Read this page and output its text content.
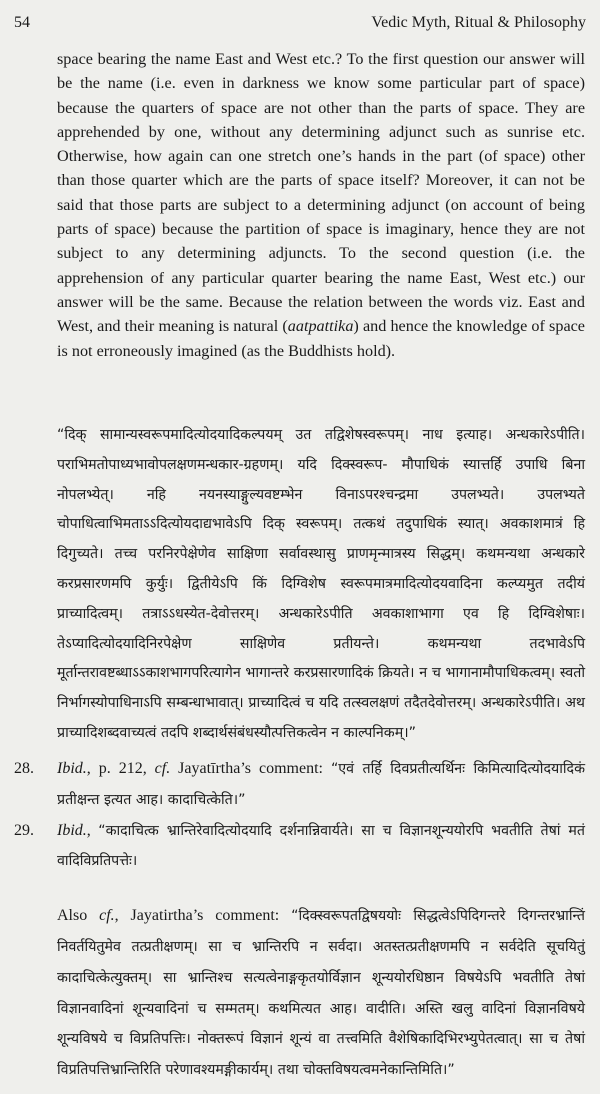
54	Vedic Myth, Ritual & Philosophy

space bearing the name East and West etc.? To the first question our answer will be the name (i.e. even in darkness we know some particular part of space) because the quarters of space are not other than the parts of space. They are apprehended by one, without any determining adjunct such as sunrise etc. Otherwise, how again can one stretch one’s hands in the part (of space) other than those quarter which are the parts of space itself? Moreover, it can not be said that those parts are subject to a determining adjunct (on account of being parts of space) because the partition of space is imaginary, hence they are not subject to any determining adjuncts. To the second question (i.e. the apprehension of any particular quarter bearing the name East, West etc.) our answer will be the same. Because the relation between the words viz. East and West, and their meaning is natural (aatpattika) and hence the knowledge of space is not erroneously imagined (as the Buddhists hold).

“दिक् सामान्यस्वरूपमादित्योदयादिकल्पयम् उत तद्विशेषस्वरूपम्। नाध इत्याह। अन्धकारेऽपीति। पराभिमतोपाध्यभावोपलक्षणमन्धकार-ग्रहणम्। यदि दिक्स्वरूप- मौपाधिकं स्यात्तर्हि उपाधि बिना नोपलभ्येत्। नहि नयनस्याङ्गुल्यवष्टम्भेन विनाऽपरश्चन्द्रमा उपलभ्यते। उपलभ्यते चोपाधित्वाभिमताऽऽदित्योयदाद्यभावेऽपि दिक् स्वरूपम्। तत्कथं तदुपाधिकं स्यात्। अवकाशमात्रं हि दिगुच्यते। तच्च परनिरपेक्षेणेव साक्षिणा सर्वावस्थासु प्राणमृन्मात्रस्य सिद्धम्। कथमन्यथा अन्धकारे करप्रसारणमपि कुर्युः। द्वितीयेऽपि किं दिग्विशेष स्वरूपमात्रमादित्योदयवादिना कल्प्यमुत तदीयं प्राच्यादित्वम्। तत्राऽऽधस्येत-देवोत्तरम्। अन्धकारेऽपीति अवकाशाभागा एव हि दिग्विशेषाः। तेऽप्यादित्योदयादिनिरपेक्षेण साक्षिणेव प्रतीयन्ते। कथमन्यथा तदभावेऽपि मूर्तान्तरावष्टब्धाऽऽकाशभागपरित्यागेन भागान्तरे करप्रसारणादिकं क्रियते। न च भागानामौपाधिकत्वम्। स्वतो निर्भागस्योपाधिनाऽपि सम्बन्धाभावात्। प्राच्यादित्वं च यदि तत्स्वलक्षणं तदैतदेवोत्तरम्। अन्धकारेऽपीति। अथ प्राच्यादिशब्दवाच्यत्वं तदपि शब्दार्थसंबंधस्यौत्पत्तिकत्वेन न काल्पनिकम्।”
28. Ibid., p. 212, cf. Jayatīrtha’s comment: “एवं तर्हि दिवप्रतीत्यर्थिनः किमित्यादित्योदयादिकं प्रतीक्षन्त इत्यत आह। कादाचित्केति।”
29. Ibid., “कादाचित्क भ्रान्तिरेवादित्योदयादि दर्शनान्निवार्यते। सा च विज्ञानशून्ययोरपि भवतीति तेषां मतं वादिविप्रतिपत्तेः।
Also cf., Jayatirtha’s comment: “दिक्स्वरूपतद्विषययोः सिद्धत्वेऽपिदिगन्तरे दिगन्तरभ्रान्तिं निवर्तयितुमेव तत्प्रतीक्षणम्। सा च भ्रान्तिरपि न सर्वदा। अतस्तत्प्रतीक्षणमपि न सर्वदेति सूचयितुं कादाचित्केत्युक्तम्। सा भ्रान्तिश्च सत्यत्वेनाङ्गकृतयोर्विज्ञान शून्ययोरधिष्ठान विषयेऽपि भवतीति तेषां विज्ञानवादिनां शून्यवादिनां च सम्मतम्। कथमित्यत आह। वादीति। अस्ति खलु वादिनां विज्ञानविषये शून्यविषये च विप्रतिपत्तिः। नोक्तरूपं विज्ञानं शून्यं वा तत्त्वमिति वैशेषिकादिभिरभ्युपेतत्वात्। सा च तेषां विप्रतिपत्तिभ्रान्तिरिति परेणावश्यमङ्गीकार्यम्। तथा चोक्तविषयत्वमनेकान्तिमिति।”
